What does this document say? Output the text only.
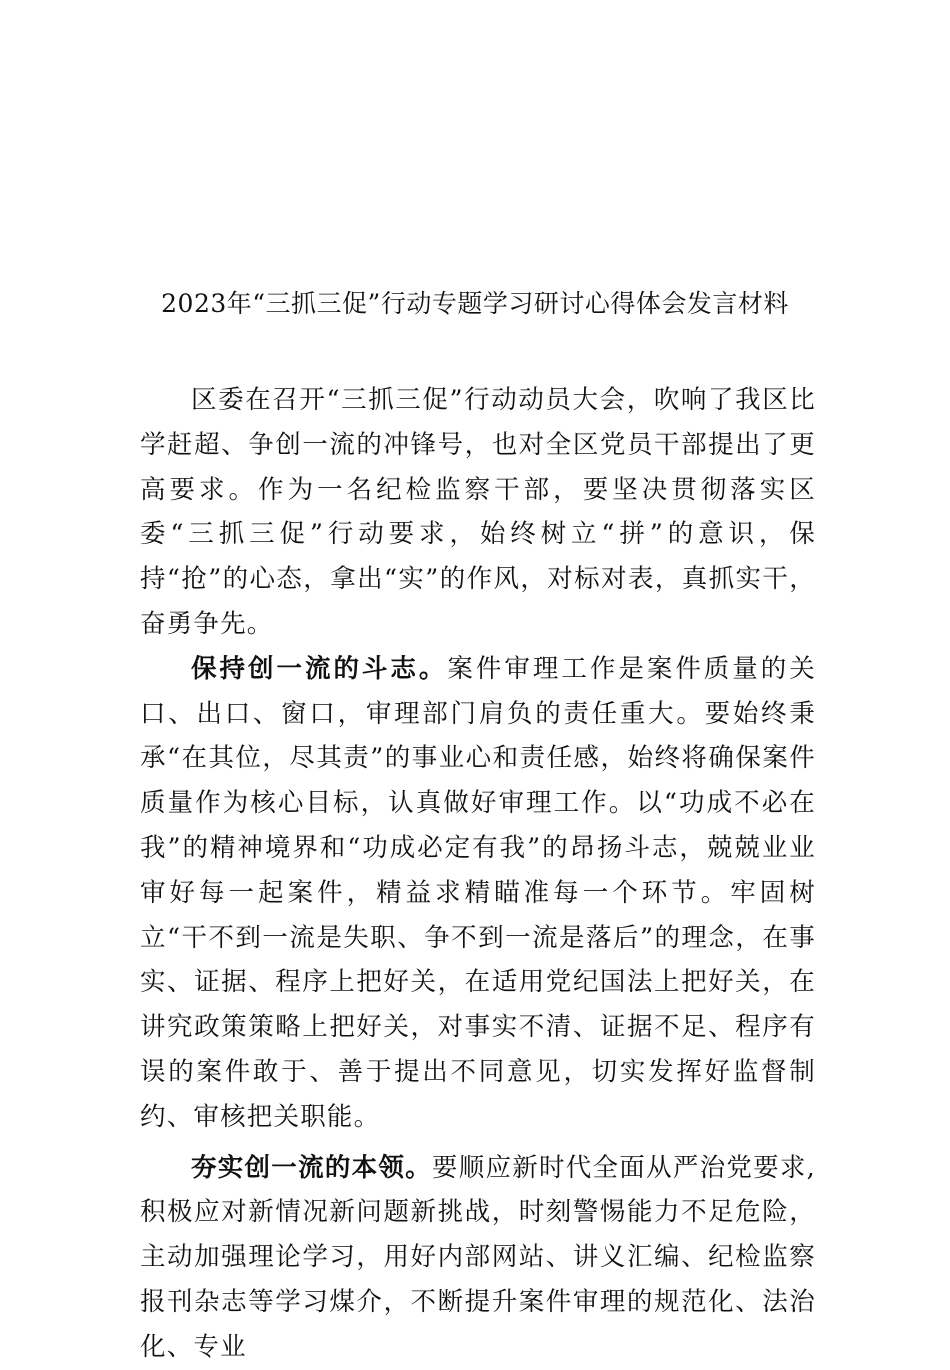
2023年“三抓三促”行动专题学习研讨心得体会发言材料

区委在召开“三抓三促”行动动员大会，吹响了我区比学赶超、争创一流的冲锋号，也对全区党员干部提出了更高要求。作为一名纪检监察干部，要坚决贯彻落实区委“三抓三促”行动要求，始终树立“拼”的意识，保持“抢”的心态，拿出“实”的作风，对标对表，真抓实干，奋勇争先。

保持创一流的斗志。案件审理工作是案件质量的关口、出口、窗口，审理部门肩负的责任重大。要始终秉承“在其位，尽其责”的事业心和责任感，始终将确保案件质量作为核心目标，认真做好审理工作。以“功成不必在我”的精神境界和“功成必定有我”的昂扬斗志，兢兢业业审好每一起案件，精益求精瞄准每一个环节。牢固树立“干不到一流是失职、争不到一流是落后”的理念，在事实、证据、程序上把好关，在适用党纪国法上把好关，在讲究政策策略上把好关，对事实不清、证据不足、程序有误的案件敢于、善于提出不同意见，切实发挥好监督制约、审核把关职能。

夯实创一流的本领。要顺应新时代全面从严治党要求,积极应对新情况新问题新挑战，时刻警惕能力不足危险，主动加强理论学习，用好内部网站、讲义汇编、纪检监察报刊杂志等学习煤介，不断提升案件审理的规范化、法治化、专业
